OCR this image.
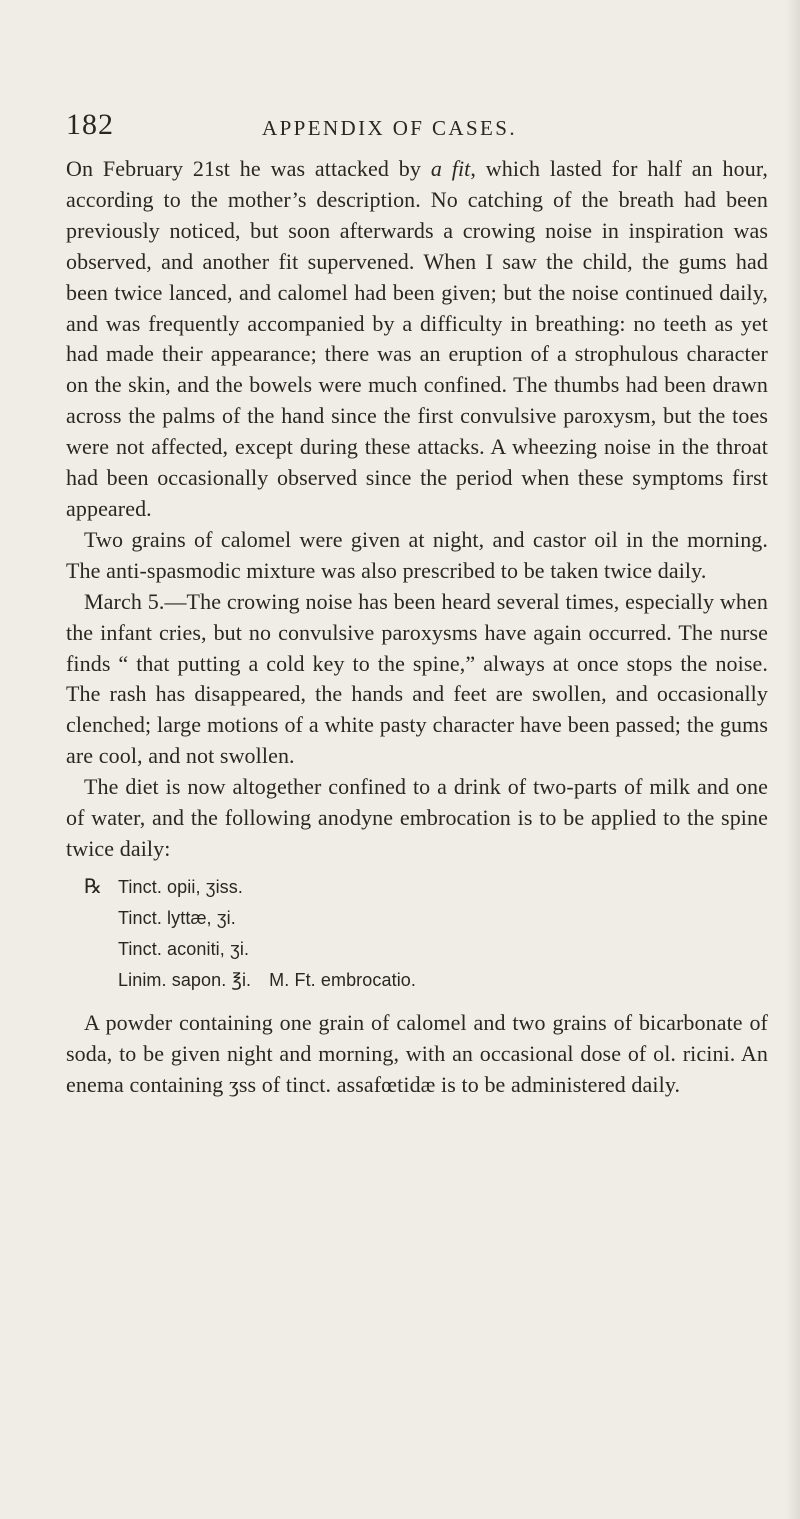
182	APPENDIX OF CASES.

On February 21st he was attacked by a fit, which lasted for half an hour, according to the mother’s description. No catching of the breath had been previously noticed, but soon afterwards a crowing noise in inspiration was observed, and another fit supervened. When I saw the child, the gums had been twice lanced, and calomel had been given; but the noise continued daily, and was frequently accompanied by a difficulty in breathing: no teeth as yet had made their appearance; there was an eruption of a strophulous character on the skin, and the bowels were much confined. The thumbs had been drawn across the palms of the hand since the first convulsive paroxysm, but the toes were not affected, except during these attacks. A wheezing noise in the throat had been occasionally observed since the period when these symptoms first appeared.

Two grains of calomel were given at night, and castor oil in the morning. The anti-spasmodic mixture was also prescribed to be taken twice daily.

March 5.—The crowing noise has been heard several times, especially when the infant cries, but no convulsive paroxysms have again occurred. The nurse finds “ that putting a cold key to the spine,” always at once stops the noise. The rash has disappeared, the hands and feet are swollen, and occasionally clenched; large motions of a white pasty character have been passed; the gums are cool, and not swollen.

The diet is now altogether confined to a drink of two-parts of milk and one of water, and the following anodyne embrocation is to be applied to the spine twice daily:

℞ Tinct. opii, ʒiss.
Tinct. lyttæ, ʒi.
Tinct. aconiti, ʒi.
Linim. sapon. ℥i. M. Ft. embrocatio.

A powder containing one grain of calomel and two grains of bicarbonate of soda, to be given night and morning, with an occasional dose of ol. ricini. An enema containing ʒss of tinct. assafœtidæ is to be administered daily.
